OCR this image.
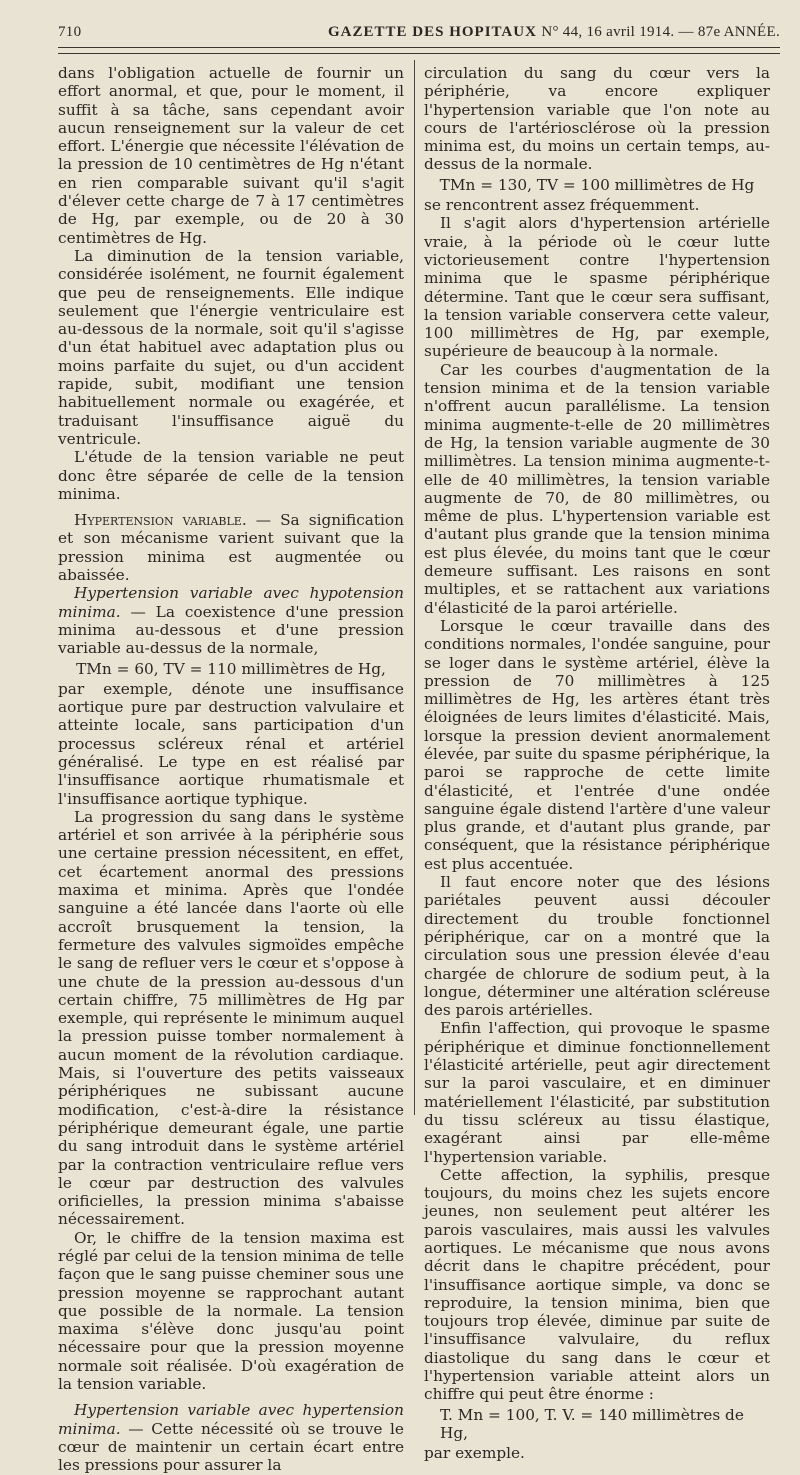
710	GAZETTE DES HOPITAUX N° 44, 16 avril 1914. — 87e ANNÉE.

dans l'obligation actuelle de fournir un effort anormal, et que, pour le moment, il suffit à sa tâche, sans cependant avoir aucun renseignement sur la valeur de cet effort. L'énergie que nécessite l'élévation de la pression de 10 centimètres de Hg n'étant en rien comparable suivant qu'il s'agit d'élever cette charge de 7 à 17 centimètres de Hg, par exemple, ou de 20 à 30 centimètres de Hg.

La diminution de la tension variable, considérée isolément, ne fournit également que peu de renseignements. Elle indique seulement que l'énergie ventriculaire est au-dessous de la normale, soit qu'il s'agisse d'un état habituel avec adaptation plus ou moins parfaite du sujet, ou d'un accident rapide, subit, modifiant une tension habituellement normale ou exagérée, et traduisant l'insuffisance aiguë du ventricule.

L'étude de la tension variable ne peut donc être séparée de celle de la tension minima.

Hypertension variable. — Sa signification et son mécanisme varient suivant que la pression minima est augmentée ou abaissée.

Hypertension variable avec hypotension minima. — La coexistence d'une pression minima au-dessous et d'une pression variable au-dessus de la normale,

TMn = 60, TV = 110 millimètres de Hg,

par exemple, dénote une insuffisance aortique pure par destruction valvulaire et atteinte locale, sans participation d'un processus scléreux rénal et artériel généralisé. Le type en est réalisé par l'insuffisance aortique rhumatismale et l'insuffisance aortique typhique.

La progression du sang dans le système artériel et son arrivée à la périphérie sous une certaine pression nécessitent, en effet, cet écartement anormal des pressions maxima et minima. Après que l'ondée sanguine a été lancée dans l'aorte où elle accroît brusquement la tension, la fermeture des valvules sigmoïdes empêche le sang de refluer vers le cœur et s'oppose à une chute de la pression au-dessous d'un certain chiffre, 75 millimètres de Hg par exemple, qui représente le minimum auquel la pression puisse tomber normalement à aucun moment de la révolution cardiaque. Mais, si l'ouverture des petits vaisseaux périphériques ne subissant aucune modification, c'est-à-dire la résistance périphérique demeurant égale, une partie du sang introduit dans le système artériel par la contraction ventriculaire reflue vers le cœur par destruction des valvules orificielles, la pression minima s'abaisse nécessairement.

Or, le chiffre de la tension maxima est réglé par celui de la tension minima de telle façon que le sang puisse cheminer sous une pression moyenne se rapprochant autant que possible de la normale. La tension maxima s'élève donc jusqu'au point nécessaire pour que la pression moyenne normale soit réalisée. D'où exagération de la tension variable.

Hypertension variable avec hypertension minima. — Cette nécessité où se trouve le cœur de maintenir un certain écart entre les pressions pour assurer la

circulation du sang du cœur vers la périphérie, va encore expliquer l'hypertension variable que l'on note au cours de l'artériosclérose où la pression minima est, du moins un certain temps, au-dessus de la normale.

TMn = 130, TV = 100 millimètres de Hg

se rencontrent assez fréquemment.

Il s'agit alors d'hypertension artérielle vraie, à la période où le cœur lutte victorieusement contre l'hypertension minima que le spasme périphérique détermine. Tant que le cœur sera suffisant, la tension variable conservera cette valeur, 100 millimètres de Hg, par exemple, supérieure de beaucoup à la normale.

Car les courbes d'augmentation de la tension minima et de la tension variable n'offrent aucun parallélisme. La tension minima augmente-t-elle de 20 millimètres de Hg, la tension variable augmente de 30 millimètres. La tension minima augmente-t-elle de 40 millimètres, la tension variable augmente de 70, de 80 millimètres, ou même de plus. L'hypertension variable est d'autant plus grande que la tension minima est plus élevée, du moins tant que le cœur demeure suffisant. Les raisons en sont multiples, et se rattachent aux variations d'élasticité de la paroi artérielle.

Lorsque le cœur travaille dans des conditions normales, l'ondée sanguine, pour se loger dans le système artériel, élève la pression de 70 millimètres à 125 millimètres de Hg, les artères étant très éloignées de leurs limites d'élasticité. Mais, lorsque la pression devient anormalement élevée, par suite du spasme périphérique, la paroi se rapproche de cette limite d'élasticité, et l'entrée d'une ondée sanguine égale distend l'artère d'une valeur plus grande, et d'autant plus grande, par conséquent, que la résistance périphérique est plus accentuée.

Il faut encore noter que des lésions pariétales peuvent aussi découler directement du trouble fonctionnel périphérique, car on a montré que la circulation sous une pression élevée d'eau chargée de chlorure de sodium peut, à la longue, déterminer une altération scléreuse des parois artérielles.

Enfin l'affection, qui provoque le spasme périphérique et diminue fonctionnellement l'élasticité artérielle, peut agir directement sur la paroi vasculaire, et en diminuer matériellement l'élasticité, par substitution du tissu scléreux au tissu élastique, exagérant ainsi par elle-même l'hypertension variable.

Cette affection, la syphilis, presque toujours, du moins chez les sujets encore jeunes, non seulement peut altérer les parois vasculaires, mais aussi les valvules aortiques. Le mécanisme que nous avons décrit dans le chapitre précédent, pour l'insuffisance aortique simple, va donc se reproduire, la tension minima, bien que toujours trop élevée, diminue par suite de l'insuffisance valvulaire, du reflux diastolique du sang dans le cœur et l'hypertension variable atteint alors un chiffre qui peut être énorme :

T. Mn = 100, T. V. = 140 millimètres de Hg,

par exemple.
